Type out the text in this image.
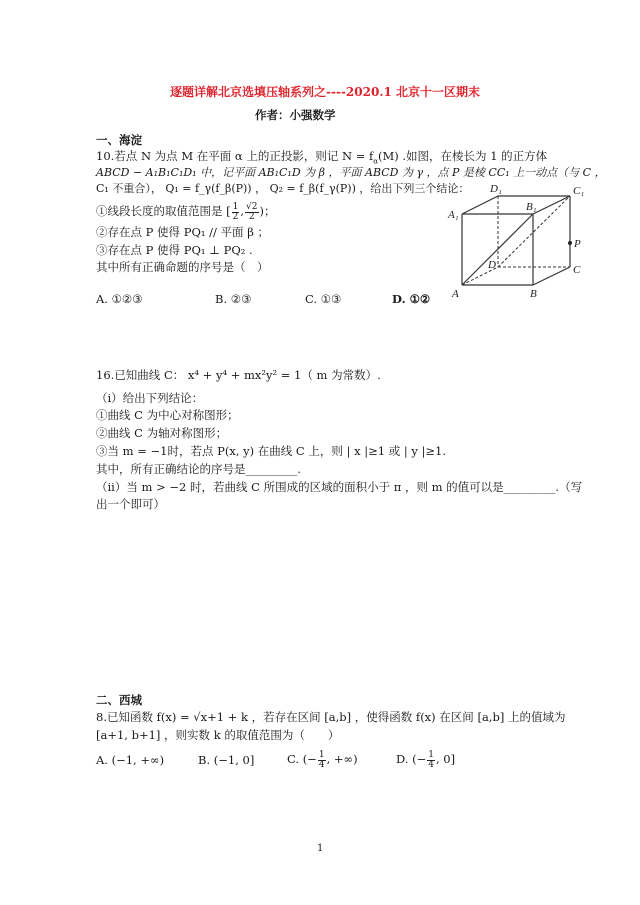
逐题详解北京选填压轴系列之----2020.1 北京十一区期末
作者：小强数学
一、海淀
10.若点 N 为点 M 在平面 α 上的正投影，则记 $N = f_\alpha(M)$ .如图，在棱长为 1 的正方体
ABCD − A₁B₁C₁D₁ 中，记平面 AB₁C₁D 为 β ，平面 ABCD 为 γ ，点 P 是棱 CC₁ 上一动点（与 C ，
C₁ 不重合）， Q₁ = f_γ(f_β(P)) ， Q₂ = f_β(f_γ(P)) ，给出下列三个结论：
①线段长度的取值范围是 [ $\frac{1}{2}$ , $\frac{√2}{2}$ )；
②存在点 P 使得 PQ₁ // 平面 β ；
③存在点 P 使得 PQ₁ ⊥ PQ₂ .
其中所有正确命题的序号是（　）
A. ①②③	B. ②③	C. ①③	D. ①②
D₁	C₁
A₁
B₁
P
D	C
A	B
16.已知曲线 C： x⁴ + y⁴ + mx²y² = 1（ m 为常数）.
（i）给出下列结论：
①曲线 C 为中心对称图形；
②曲线 C 为轴对称图形；
③当 m = −1时，若点 P(x, y) 在曲线 C 上，则 | x |≥1 或 | y |≥1.
其中，所有正确结论的序号是_________.
（ii）当 m > −2 时，若曲线 C 所围成的区域的面积小于 π ，则 m 的值可以是_________.（写
出一个即可）
二、西城
8.已知函数 f(x) = √x+1 + k ，若存在区间 [a,b] ，使得函数 f(x) 在区间 [a,b] 上的值域为
[a+1, b+1] ，则实数 k 的取值范围为（　　）
A. (−1, +∞)	B. (−1, 0]	C. (− $\frac{1}{4}$ , +∞)	D. (− $\frac{1}{4}$ , 0]
1
